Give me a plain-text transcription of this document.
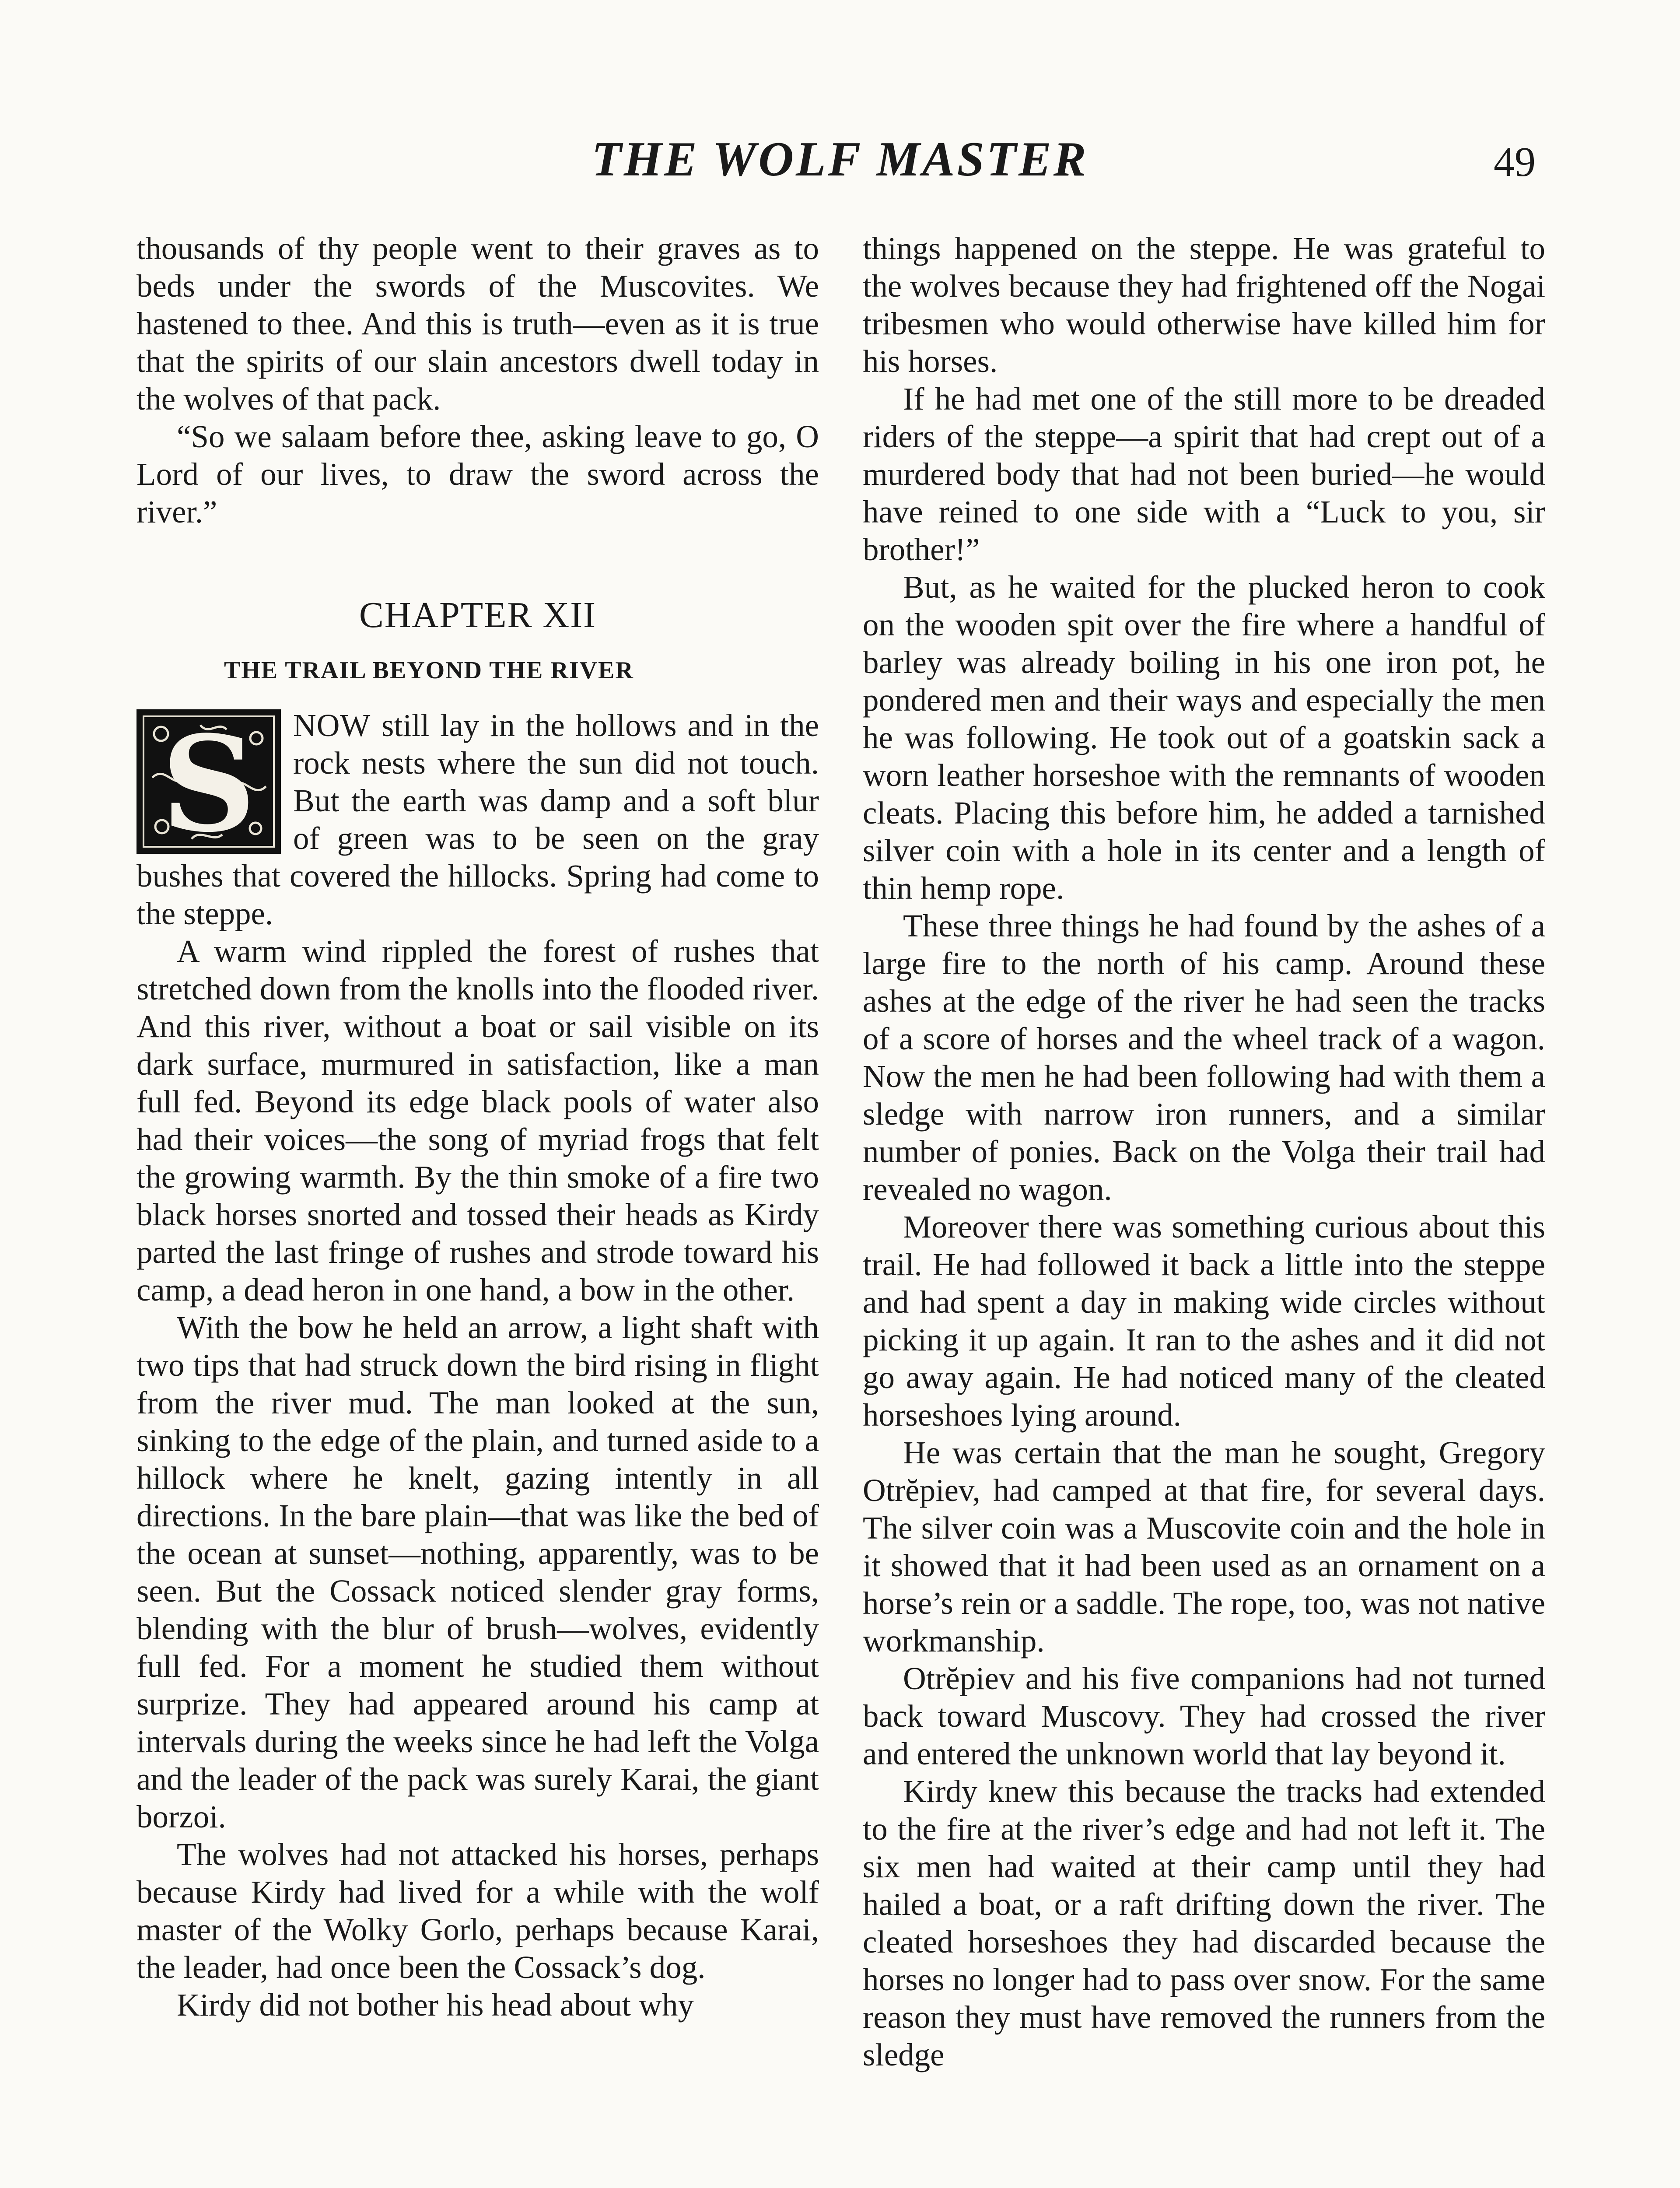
THE WOLF MASTER	49

thousands of thy people went to their graves as to beds under the swords of the Muscovites. We hastened to thee. And this is truth—even as it is true that the spirits of our slain ancestors dwell today in the wolves of that pack.

“So we salaam before thee, asking leave to go, O Lord of our lives, to draw the sword across the river.”

CHAPTER XII
THE TRAIL BEYOND THE RIVER

S	NOW still lay in the hollows and in the rock nests where the sun did not touch. But the earth was damp and a soft blur of green was to be seen on the gray bushes that covered the hillocks. Spring had come to the steppe.

A warm wind rippled the forest of rushes that stretched down from the knolls into the flooded river. And this river, without a boat or sail visible on its dark surface, murmured in satisfaction, like a man full fed. Beyond its edge black pools of water also had their voices—the song of myriad frogs that felt the growing warmth. By the thin smoke of a fire two black horses snorted and tossed their heads as Kirdy parted the last fringe of rushes and strode toward his camp, a dead heron in one hand, a bow in the other.

With the bow he held an arrow, a light shaft with two tips that had struck down the bird rising in flight from the river mud. The man looked at the sun, sinking to the edge of the plain, and turned aside to a hillock where he knelt, gazing intently in all directions. In the bare plain—that was like the bed of the ocean at sunset—nothing, apparently, was to be seen. But the Cossack noticed slender gray forms, blending with the blur of brush—wolves, evidently full fed. For a moment he studied them without surprize. They had appeared around his camp at intervals during the weeks since he had left the Volga and the leader of the pack was surely Karai, the giant borzoi.

The wolves had not attacked his horses, perhaps because Kirdy had lived for a while with the wolf master of the Wolky Gorlo, perhaps because Karai, the leader, had once been the Cossack’s dog.

Kirdy did not bother his head about why

things happened on the steppe. He was grateful to the wolves because they had frightened off the Nogai tribesmen who would otherwise have killed him for his horses.

If he had met one of the still more to be dreaded riders of the steppe—a spirit that had crept out of a murdered body that had not been buried—he would have reined to one side with a “Luck to you, sir brother!”

But, as he waited for the plucked heron to cook on the wooden spit over the fire where a handful of barley was already boiling in his one iron pot, he pondered men and their ways and especially the men he was following. He took out of a goatskin sack a worn leather horseshoe with the remnants of wooden cleats. Placing this before him, he added a tarnished silver coin with a hole in its center and a length of thin hemp rope.

These three things he had found by the ashes of a large fire to the north of his camp. Around these ashes at the edge of the river he had seen the tracks of a score of horses and the wheel track of a wagon. Now the men he had been following had with them a sledge with narrow iron runners, and a similar number of ponies. Back on the Volga their trail had revealed no wagon.

Moreover there was something curious about this trail. He had followed it back a little into the steppe and had spent a day in making wide circles without picking it up again. It ran to the ashes and it did not go away again. He had noticed many of the cleated horseshoes lying around.

He was certain that the man he sought, Gregory Otrĕpiev, had camped at that fire, for several days. The silver coin was a Muscovite coin and the hole in it showed that it had been used as an ornament on a horse’s rein or a saddle. The rope, too, was not native workmanship.

Otrĕpiev and his five companions had not turned back toward Muscovy. They had crossed the river and entered the unknown world that lay beyond it.

Kirdy knew this because the tracks had extended to the fire at the river’s edge and had not left it. The six men had waited at their camp until they had hailed a boat, or a raft drifting down the river. The cleated horseshoes they had discarded because the horses no longer had to pass over snow. For the same reason they must have removed the runners from the sledge
